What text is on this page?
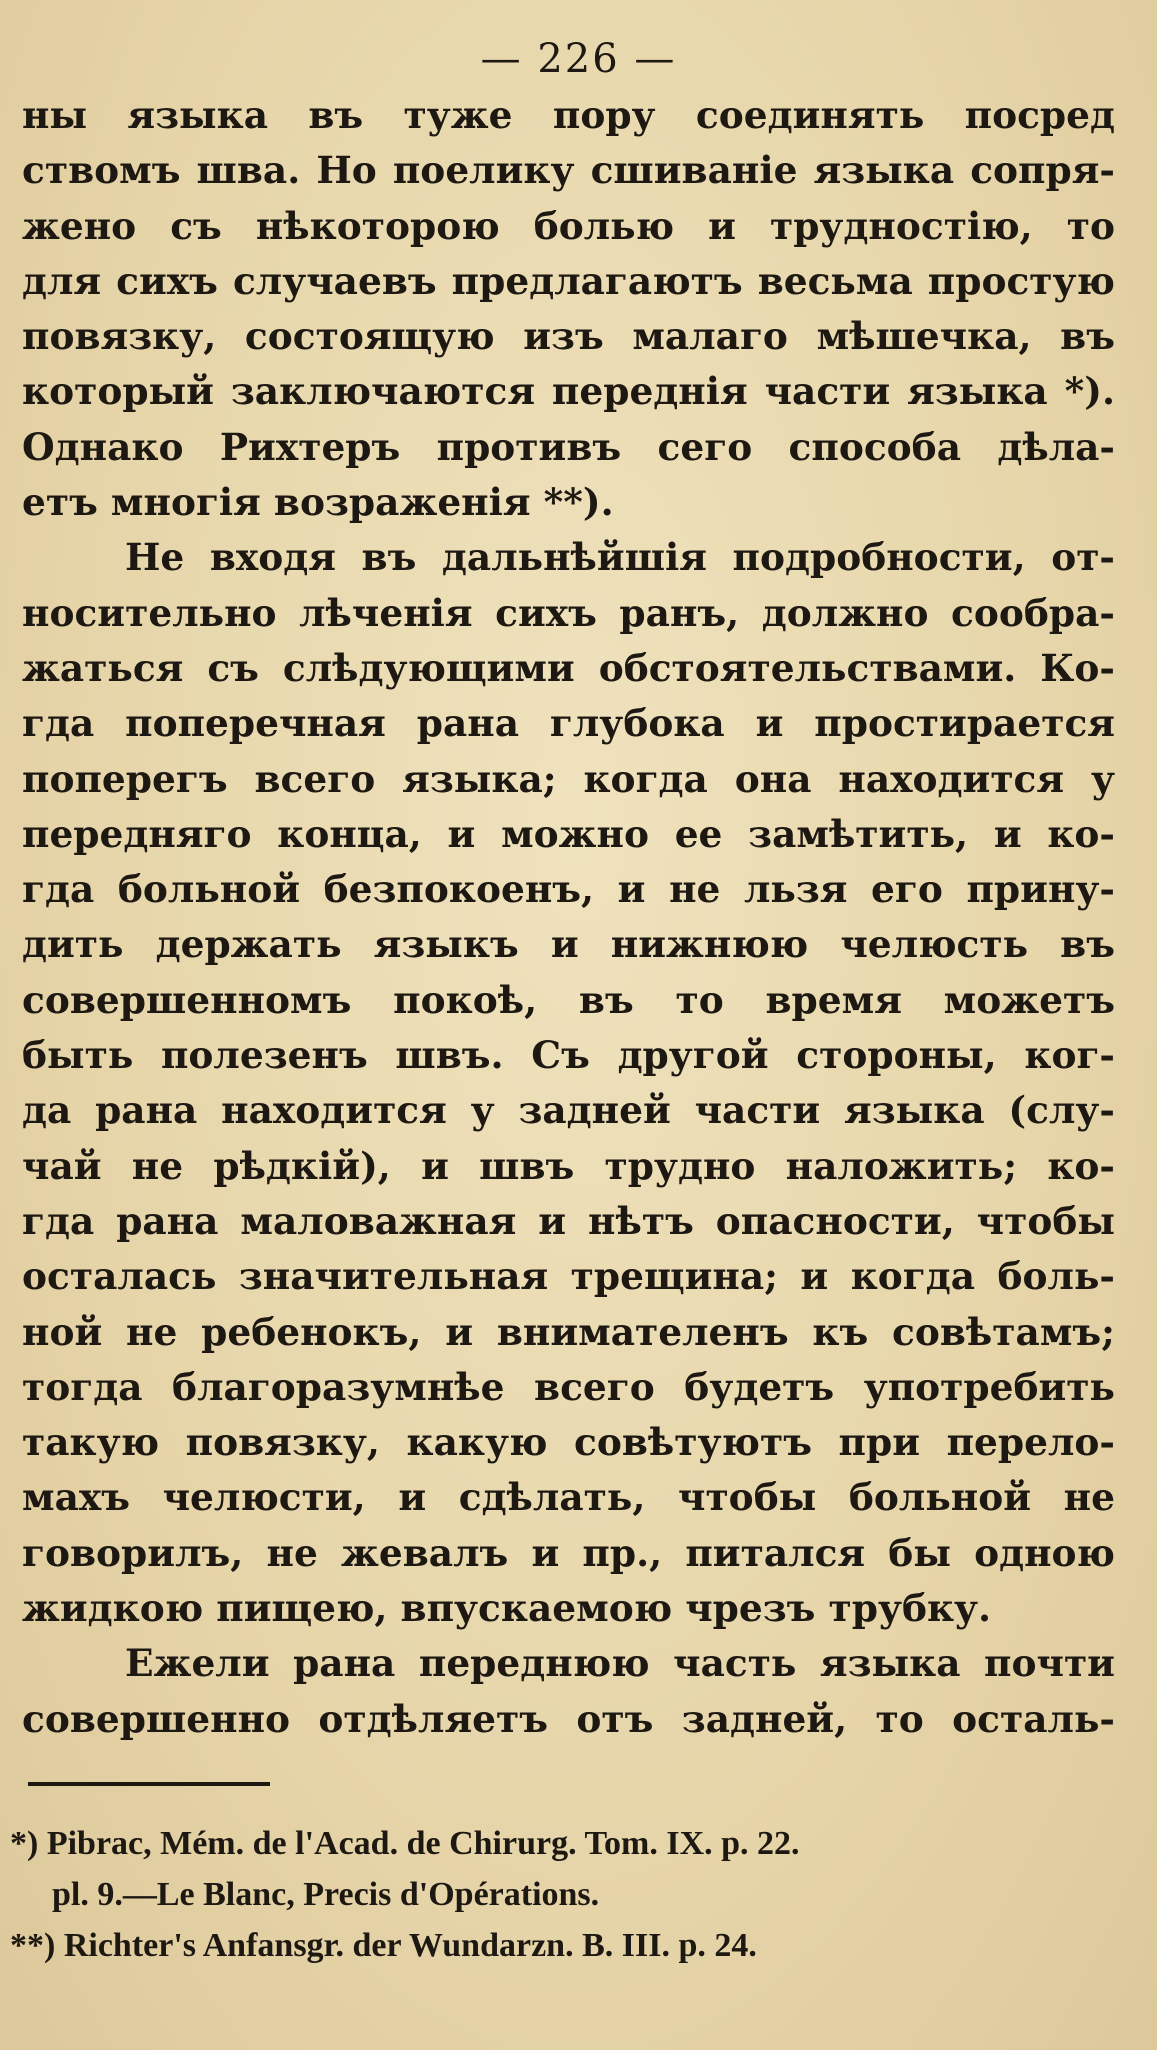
— 226 —
ны языка въ туже пору соединять посред
ствомъ шва. Но поелику сшиваніе языка сопря-
жено съ нѣкоторою болью и трудностію, то
для сихъ случаевъ предлагаютъ весьма простую
повязку, состоящую изъ малаго мѣшечка, въ
который заключаются переднія части языка *).
Однако Рихтеръ противъ сего способа дѣла-
етъ многія возраженія **).
Не входя въ дальнѣйшія подробности, от-
носительно лѣченія сихъ ранъ, должно сообра-
жаться съ слѣдующими обстоятельствами. Ко-
гда поперечная рана глубока и простирается
поперегъ всего языка; когда она находится у
передняго конца, и можно ее замѣтить, и ко-
гда больной безпокоенъ, и не льзя его прину-
дить держать языкъ и нижнюю челюсть въ
совершенномъ покоѣ, въ то время можетъ
быть полезенъ швъ. Съ другой стороны, ког-
да рана находится у задней части языка (слу-
чай не рѣдкій), и швъ трудно наложить; ко-
гда рана маловажная и нѣтъ опасности, чтобы
осталась значительная трещина; и когда боль-
ной не ребенокъ, и внимателенъ къ совѣтамъ;
тогда благоразумнѣе всего будетъ употребить
такую повязку, какую совѣтуютъ при перело-
махъ челюсти, и сдѣлать, чтобы больной не
говорилъ, не жевалъ и пр., питался бы одною
жидкою пищею, впускаемою чрезъ трубку.
Ежели рана переднюю часть языка почти
совершенно отдѣляетъ отъ задней, то осталь-
*) Pibrac, Mém. de l'Acad. de Chirurg. Tom. IX. p. 22.
pl. 9.—Le Blanc, Precis d'Opérations.
**) Richter's Anfansgr. der Wundarzn. B. III. p. 24.
